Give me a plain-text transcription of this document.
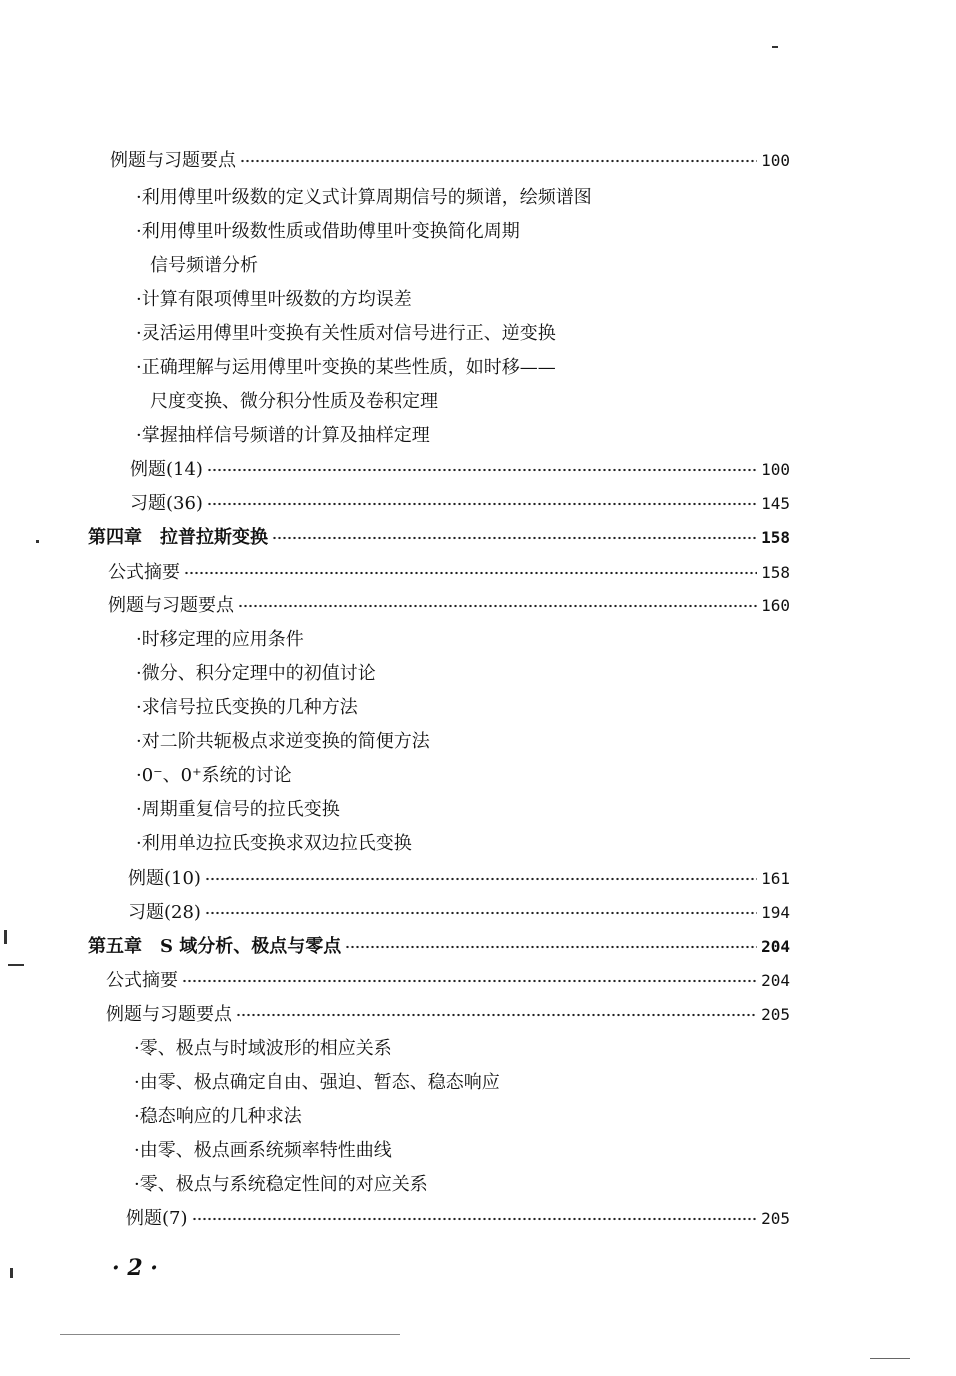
例题与习题要点	100
·利用傅里叶级数的定义式计算周期信号的频谱，绘频谱图
·利用傅里叶级数性质或借助傅里叶变换简化周期
信号频谱分析
·计算有限项傅里叶级数的方均误差
·灵活运用傅里叶变换有关性质对信号进行正、逆变换
·正确理解与运用傅里叶变换的某些性质，如时移——
尺度变换、微分积分性质及卷积定理
·掌握抽样信号频谱的计算及抽样定理
例题(14)	100
习题(36)	145
第四章　拉普拉斯变换	158
公式摘要	158
例题与习题要点	160
·时移定理的应用条件
·微分、积分定理中的初值讨论
·求信号拉氏变换的几种方法
·对二阶共轭极点求逆变换的简便方法
·0⁻、0⁺系统的讨论
·周期重复信号的拉氏变换
·利用单边拉氏变换求双边拉氏变换
例题(10)	161
习题(28)	194
第五章　S 域分析、极点与零点	204
公式摘要	204
例题与习题要点	205
·零、极点与时域波形的相应关系
·由零、极点确定自由、强迫、暂态、稳态响应
·稳态响应的几种求法
·由零、极点画系统频率特性曲线
·零、极点与系统稳定性间的对应关系
例题(7)	205
· 2 ·
